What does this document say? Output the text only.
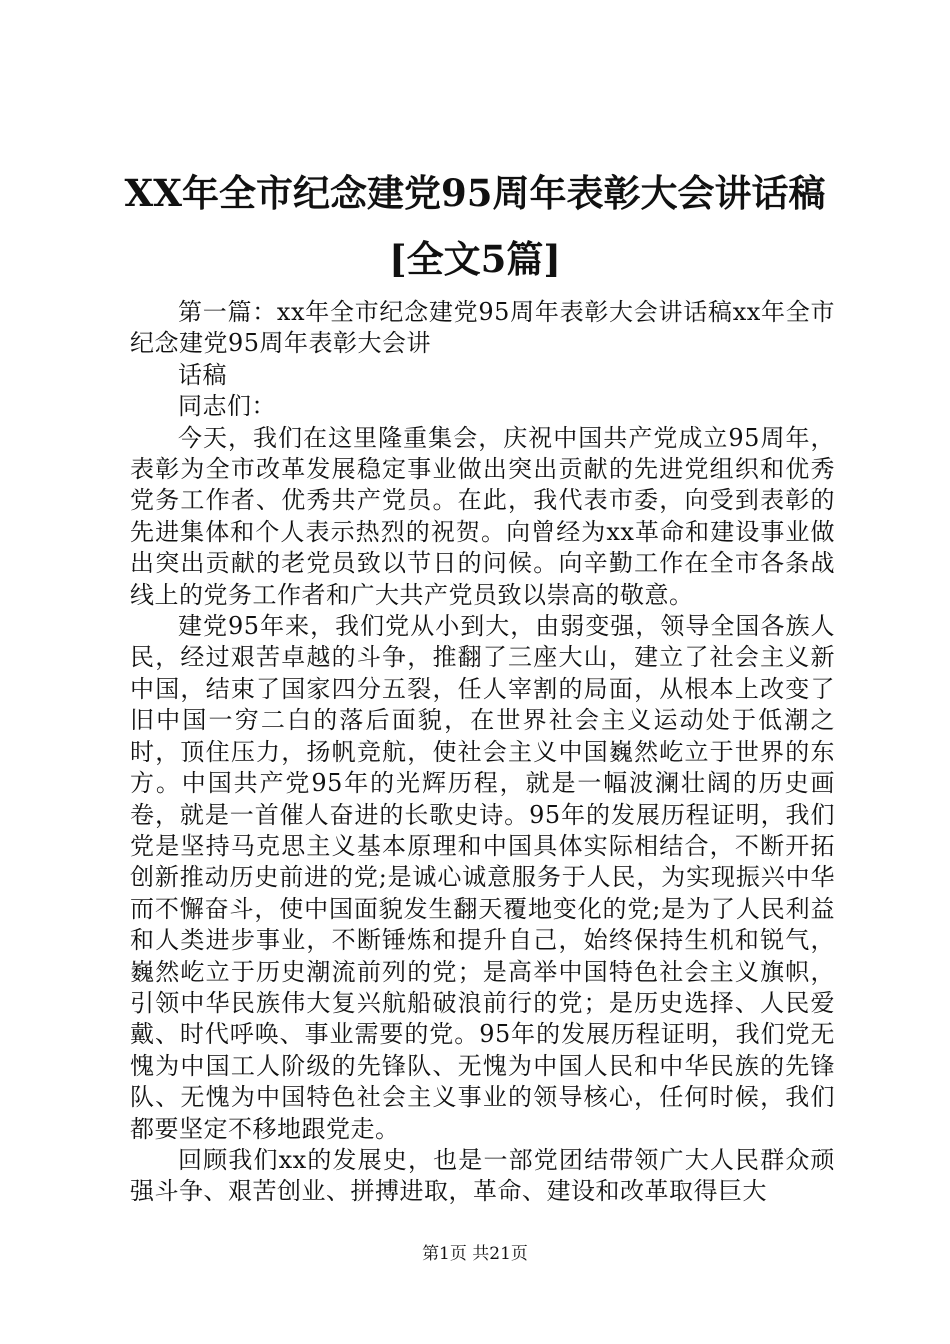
XX年全市纪念建党95周年表彰大会讲话稿[全文5篇]

第一篇：xx年全市纪念建党95周年表彰大会讲话稿xx年全市纪念建党95周年表彰大会讲

话稿

同志们：

今天，我们在这里隆重集会，庆祝中国共产党成立95周年，表彰为全市改革发展稳定事业做出突出贡献的先进党组织和优秀党务工作者、优秀共产党员。在此，我代表市委，向受到表彰的先进集体和个人表示热烈的祝贺。向曾经为xx革命和建设事业做出突出贡献的老党员致以节日的问候。向辛勤工作在全市各条战线上的党务工作者和广大共产党员致以崇高的敬意。

建党95年来，我们党从小到大，由弱变强，领导全国各族人民，经过艰苦卓越的斗争，推翻了三座大山，建立了社会主义新中国，结束了国家四分五裂，任人宰割的局面，从根本上改变了旧中国一穷二白的落后面貌，在世界社会主义运动处于低潮之时，顶住压力，扬帆竞航，使社会主义中国巍然屹立于世界的东方。中国共产党95年的光辉历程，就是一幅波澜壮阔的历史画卷，就是一首催人奋进的长歌史诗。95年的发展历程证明，我们党是坚持马克思主义基本原理和中国具体实际相结合，不断开拓创新推动历史前进的党;是诚心诚意服务于人民，为实现振兴中华而不懈奋斗，使中国面貌发生翻天覆地变化的党;是为了人民利益和人类进步事业，不断锤炼和提升自己，始终保持生机和锐气，巍然屹立于历史潮流前列的党；是高举中国特色社会主义旗帜，引领中华民族伟大复兴航船破浪前行的党；是历史选择、人民爱戴、时代呼唤、事业需要的党。95年的发展历程证明，我们党无愧为中国工人阶级的先锋队、无愧为中国人民和中华民族的先锋队、无愧为中国特色社会主义事业的领导核心，任何时候，我们都要坚定不移地跟党走。

回顾我们xx的发展史，也是一部党团结带领广大人民群众顽强斗争、艰苦创业、拼搏进取，革命、建设和改革取得巨大

第1页 共21页
